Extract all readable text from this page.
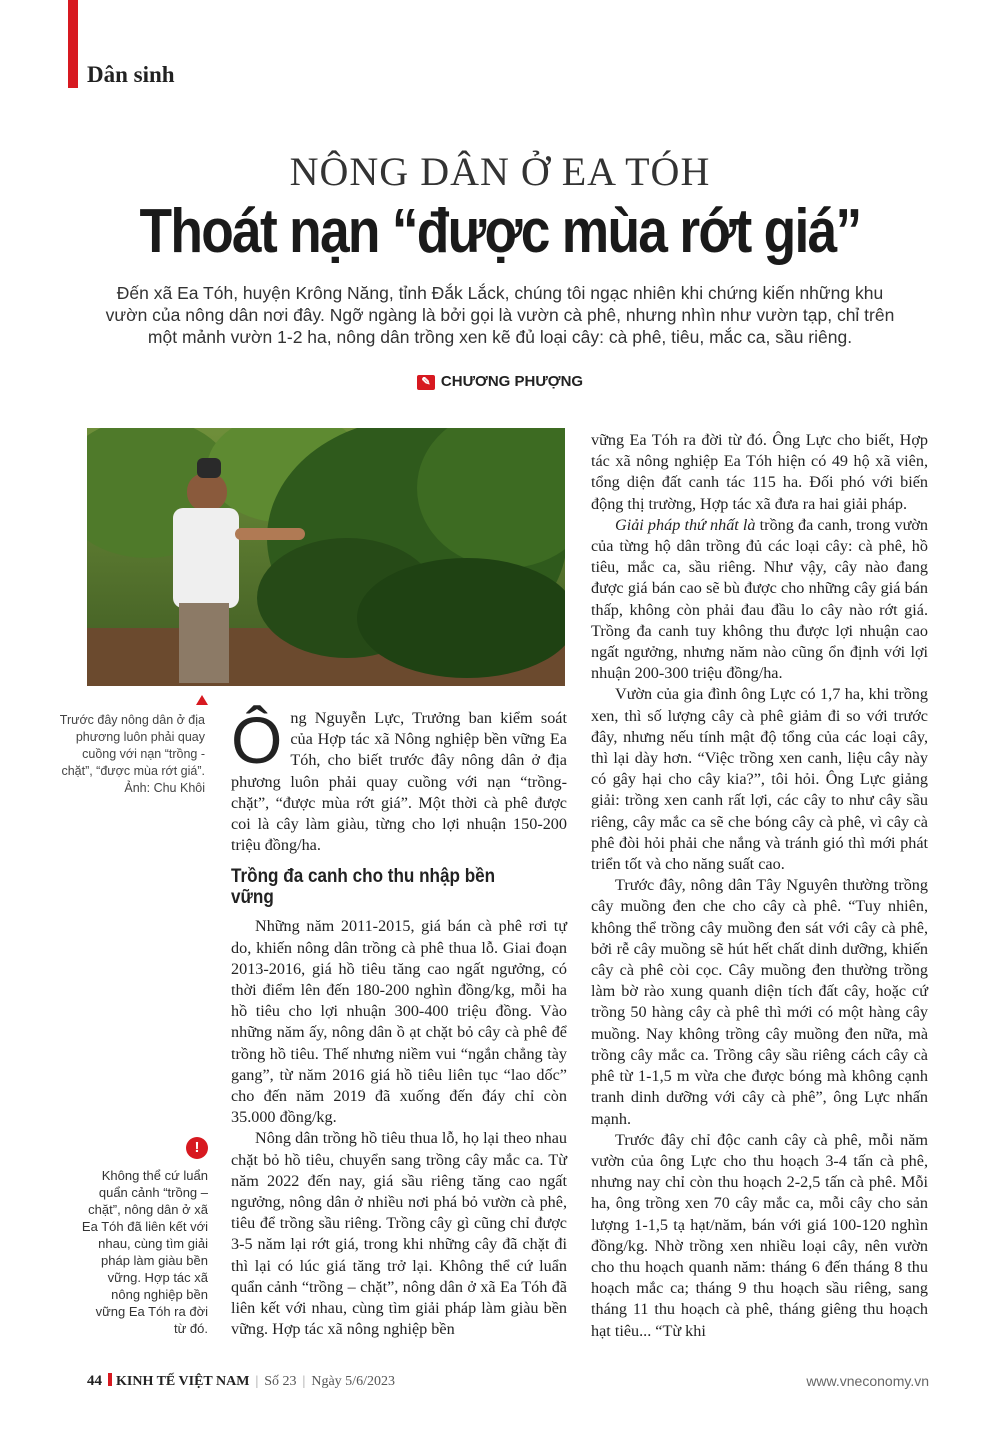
Dân sinh
NÔNG DÂN Ở EA TÓH
Thoát nạn “được mùa rớt giá”
Đến xã Ea Tóh, huyện Krông Năng, tỉnh Đắk Lắck, chúng tôi ngạc nhiên khi chứng kiến những khu vườn của nông dân nơi đây. Ngỡ ngàng là bởi gọi là vườn cà phê, nhưng nhìn như vườn tạp, chỉ trên một mảnh vườn 1-2 ha, nông dân trồng xen kẽ đủ loại cây: cà phê, tiêu, mắc ca, sầu riêng.
✎ CHƯƠNG PHƯỢNG
Trước đây nông dân ở địa phương luôn phải quay cuồng với nạn “trồng - chặt”, “được mùa rớt giá”.
Ảnh: Chu Khôi
!
Không thể cứ luẩn quẩn cảnh “trồng – chặt”, nông dân ở xã Ea Tóh đã liên kết với nhau, cùng tìm giải pháp làm giàu bền vững. Hợp tác xã nông nghiệp bền vững Ea Tóh ra đời từ đó.

Ông Nguyễn Lực, Trưởng ban kiểm soát của Hợp tác xã Nông nghiệp bền vững Ea Tóh, cho biết trước đây nông dân ở địa phương luôn phải quay cuồng với nạn “trồng- chặt”, “được mùa rớt giá”. Một thời cà phê được coi là cây làm giàu, từng cho lợi nhuận 150-200 triệu đồng/ha.

Trồng đa canh cho thu nhập bền vững

Những năm 2011-2015, giá bán cà phê rơi tự do, khiến nông dân trồng cà phê thua lỗ. Giai đoạn 2013-2016, giá hồ tiêu tăng cao ngất ngưởng, có thời điểm lên đến 180-200 nghìn đồng/kg, mỗi ha hồ tiêu cho lợi nhuận 300-400 triệu đồng. Vào những năm ấy, nông dân ồ ạt chặt bỏ cây cà phê để trồng hồ tiêu. Thế nhưng niềm vui “ngắn chẳng tày gang”, từ năm 2016 giá hồ tiêu liên tục “lao dốc” cho đến năm 2019 đã xuống đến đáy chỉ còn 35.000 đồng/kg.

Nông dân trồng hồ tiêu thua lỗ, họ lại theo nhau chặt bỏ hồ tiêu, chuyển sang trồng cây mắc ca. Từ năm 2022 đến nay, giá sầu riêng tăng cao ngất ngưởng, nông dân ở nhiều nơi phá bỏ vườn cà phê, tiêu để trồng sầu riêng. Trồng cây gì cũng chỉ được 3-5 năm lại rớt giá, trong khi những cây đã chặt đi thì lại có lúc giá tăng trở lại. Không thể cứ luẩn quẩn cảnh “trồng – chặt”, nông dân ở xã Ea Tóh đã liên kết với nhau, cùng tìm giải pháp làm giàu bền vững. Hợp tác xã nông nghiệp bền

vững Ea Tóh ra đời từ đó. Ông Lực cho biết, Hợp tác xã nông nghiệp Ea Tóh hiện có 49 hộ xã viên, tổng diện đất canh tác 115 ha. Đối phó với biến động thị trường, Hợp tác xã đưa ra hai giải pháp.

Giải pháp thứ nhất là trồng đa canh, trong vườn của từng hộ dân trồng đủ các loại cây: cà phê, hồ tiêu, mắc ca, sầu riêng. Như vậy, cây nào đang được giá bán cao sẽ bù được cho những cây giá bán thấp, không còn phải đau đầu lo cây nào rớt giá. Trồng đa canh tuy không thu được lợi nhuận cao ngất ngưởng, nhưng năm nào cũng ổn định với lợi nhuận 200-300 triệu đồng/ha.

Vườn của gia đình ông Lực có 1,7 ha, khi trồng xen, thì số lượng cây cà phê giảm đi so với trước đây, nhưng nếu tính mật độ tổng của các loại cây, thì lại dày hơn. “Việc trồng xen canh, liệu cây này có gây hại cho cây kia?”, tôi hỏi. Ông Lực giảng giải: trồng xen canh rất lợi, các cây to như cây sầu riêng, cây mắc ca sẽ che bóng cây cà phê, vì cây cà phê đòi hỏi phải che nắng và tránh gió thì mới phát triển tốt và cho năng suất cao.

Trước đây, nông dân Tây Nguyên thường trồng cây muồng đen che cho cây cà phê. “Tuy nhiên, không thể trồng cây muồng đen sát với cây cà phê, bởi rễ cây muồng sẽ hút hết chất dinh dưỡng, khiến cây cà phê còi cọc. Cây muồng đen thường trồng làm bờ rào xung quanh diện tích đất cây, hoặc cứ trồng 50 hàng cây cà phê thì mới có một hàng cây muồng. Nay không trồng cây muồng đen nữa, mà trồng cây mắc ca. Trồng cây sầu riêng cách cây cà phê từ 1-1,5 m vừa che được bóng mà không cạnh tranh dinh dưỡng với cây cà phê”, ông Lực nhấn mạnh.

Trước đây chỉ độc canh cây cà phê, mỗi năm vườn của ông Lực cho thu hoạch 3-4 tấn cà phê, nhưng nay chỉ còn thu hoạch 2-2,5 tấn cà phê. Mỗi ha, ông trồng xen 70 cây mắc ca, mỗi cây cho sản lượng 1-1,5 tạ hạt/năm, bán với giá 100-120 nghìn đồng/kg. Nhờ trồng xen nhiều loại cây, nên vườn cho thu hoạch quanh năm: tháng 6 đến tháng 8 thu hoạch mắc ca; tháng 9 thu hoạch sầu riêng, sang tháng 11 thu hoạch cà phê, tháng giêng thu hoạch hạt tiêu... “Từ khi

44 KINH TẾ VIỆT NAM | Số 23 | Ngày 5/6/2023	www.vneconomy.vn
